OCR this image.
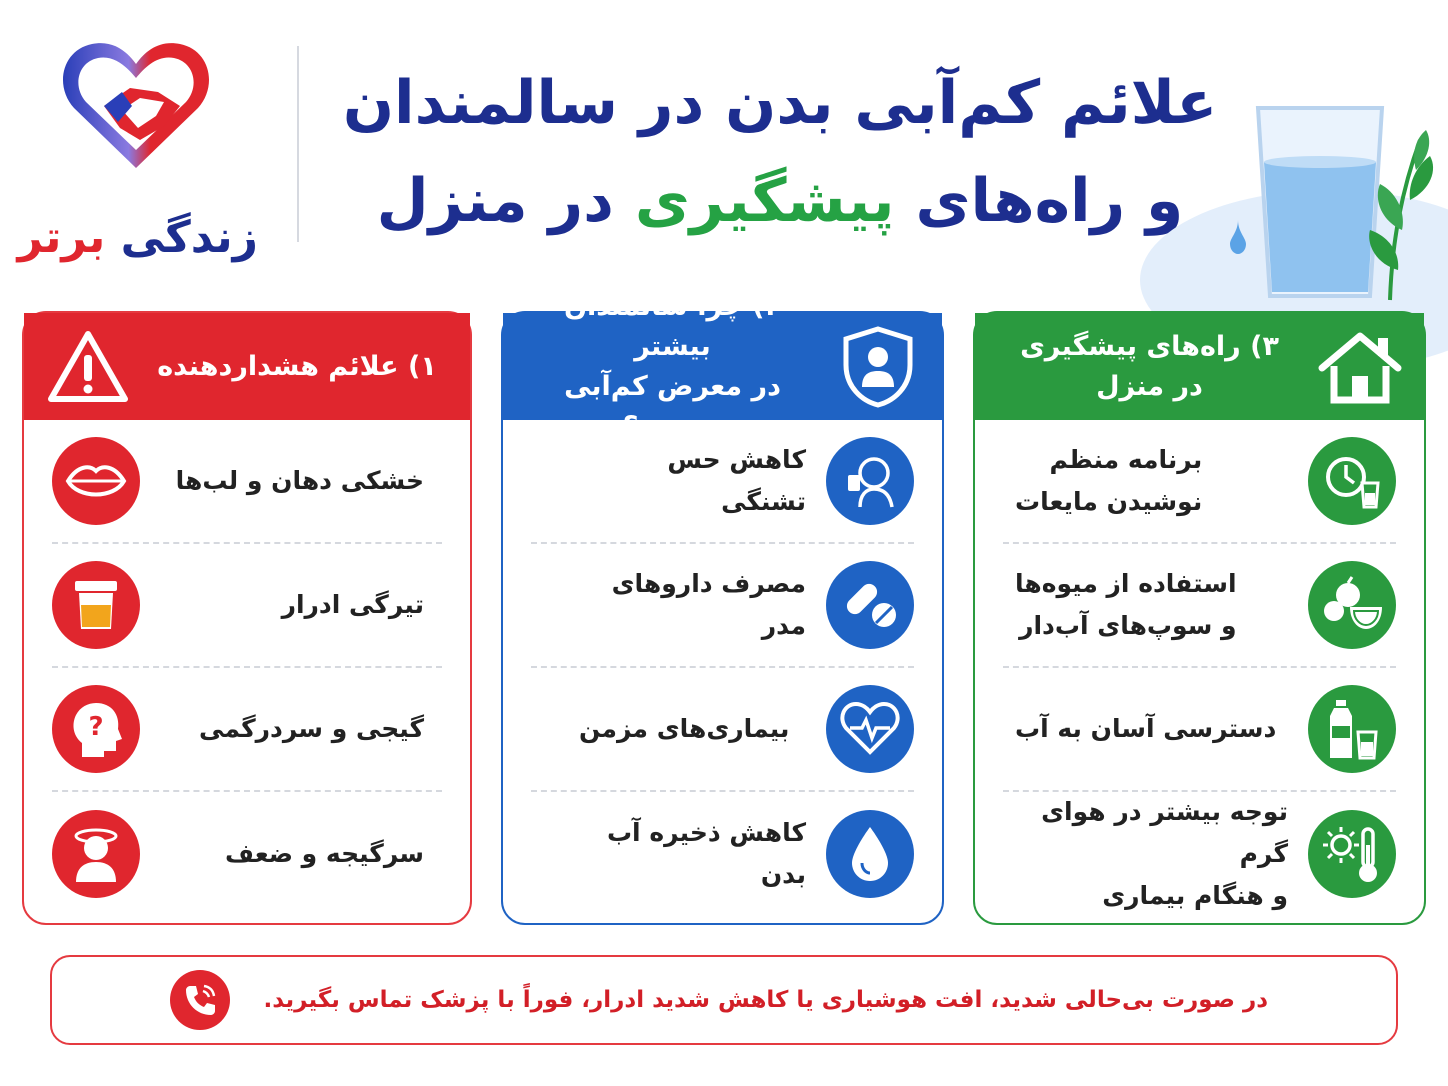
زندگی برتر
علائم کم‌آبی بدن در سالمندان
و راه‌های پیشگیری در منزل
۱) علائم هشداردهنده
خشکی دهان و لب‌ها
تیرگی ادرار
گیجی و سردرگمی
?
سرگیجه و ضعف
۲) چرا سالمندان بیشتر
در معرض کم‌آبی هستند؟
کاهش حس تشنگی
مصرف داروهای مدر
بیماری‌های مزمن
کاهش ذخیره آب بدن
۳) راه‌های پیشگیری
در منزل
برنامه منظم
نوشیدن مایعات
استفاده از میوه‌ها
و سوپ‌های آب‌دار
دسترسی آسان به آب
توجه بیشتر در هوای گرم
و هنگام بیماری
در صورت بی‌حالی شدید، افت هوشیاری یا کاهش شدید ادرار، فوراً با پزشک تماس بگیرید.
